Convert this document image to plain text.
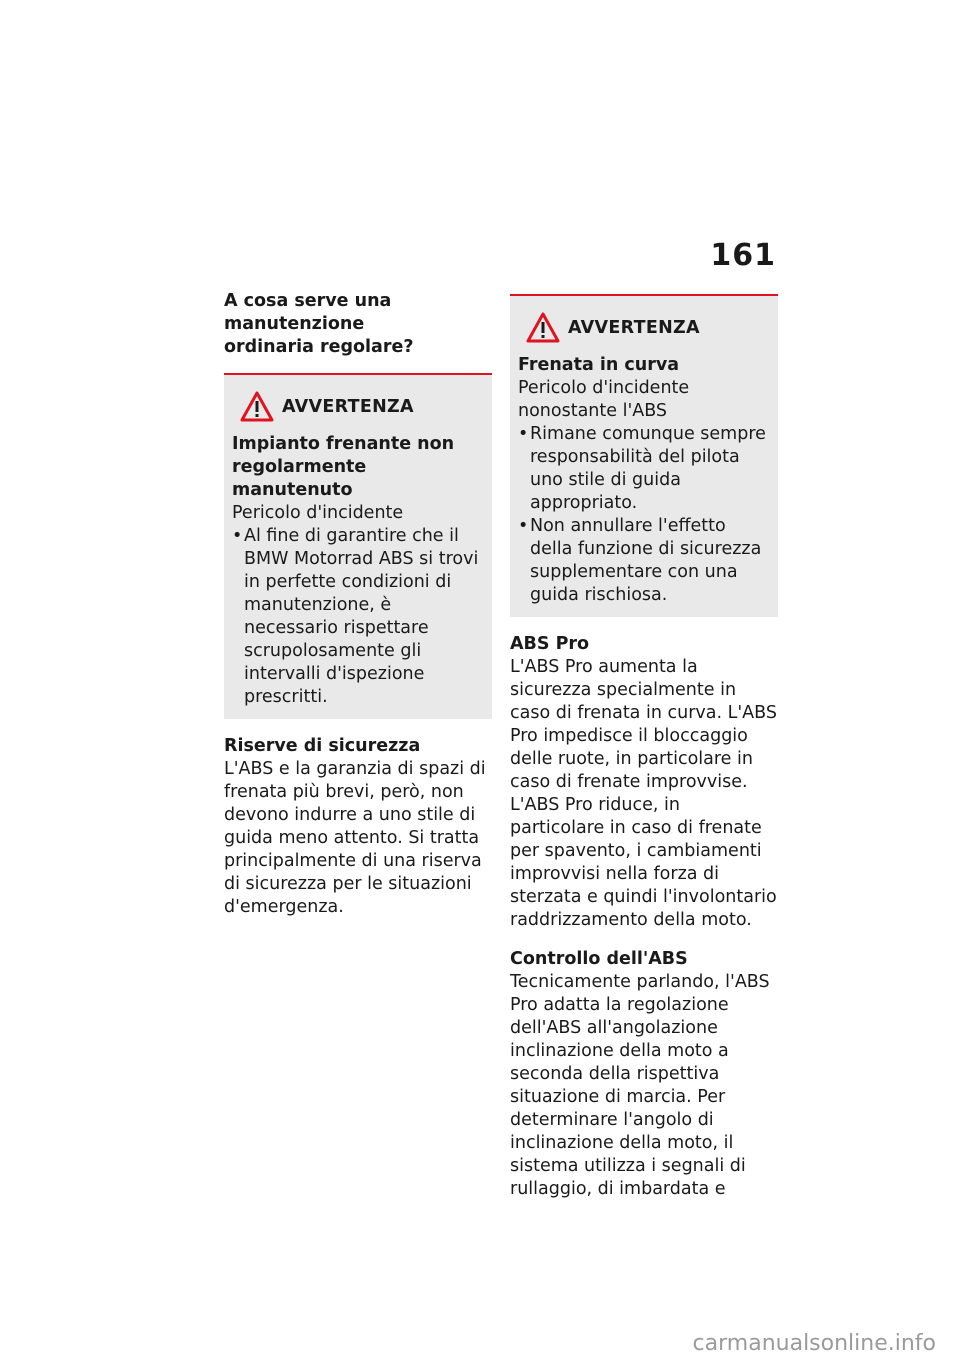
161
A cosa serve una manutenzione ordinaria regolare?
AVVERTENZA
Impianto frenante non regolarmente manutenuto

Pericolo d'incidente

• Al fine di garantire che il BMW Motorrad ABS si trovi in perfette condizioni di manutenzione, è necessario rispettare scrupolosamente gli intervalli d'ispezione prescritti.
Riserve di sicurezza

L'ABS e la garanzia di spazi di frenata più brevi, però, non devono indurre a uno stile di guida meno attento. Si tratta principalmente di una riserva di sicurezza per le situazioni d'emergenza.

AVVERTENZA
Frenata in curva

Pericolo d'incidente nonostante l'ABS

• Rimane comunque sempre responsabilità del pilota uno stile di guida appropriato.
• Non annullare l'effetto della funzione di sicurezza supplementare con una guida rischiosa.
ABS Pro

L'ABS Pro aumenta la sicurezza specialmente in caso di frenata in curva. L'ABS Pro impedisce il bloccaggio delle ruote, in particolare in caso di frenate improvvise. L'ABS Pro riduce, in particolare in caso di frenate per spavento, i cambiamenti improvvisi nella forza di sterzata e quindi l'involontario raddrizzamento della moto.

Controllo dell'ABS

Tecnicamente parlando, l'ABS Pro adatta la regolazione dell'ABS all'angolazione inclinazione della moto a seconda della rispettiva situazione di marcia. Per determinare l'angolo di inclinazione della moto, il sistema utilizza i segnali di rullaggio, di imbardata e

carmanualsonline.info
